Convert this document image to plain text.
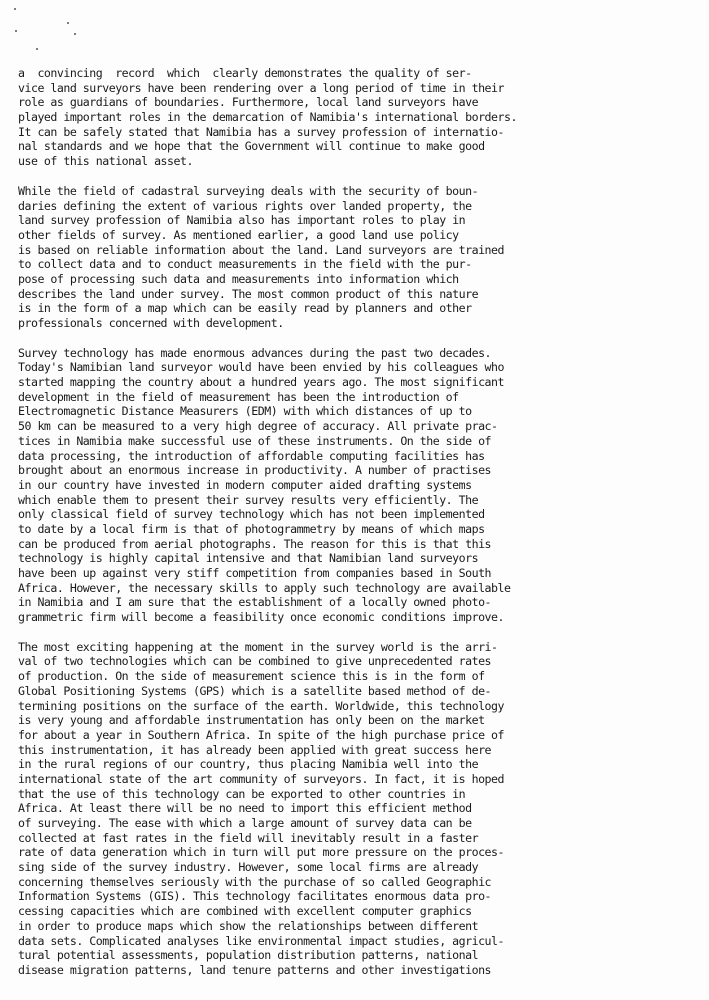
a  convincing  record  which  clearly demonstrates the quality of ser-
vice land surveyors have been rendering over a long period of time in their
role as guardians of boundaries. Furthermore, local land surveyors have
played important roles in the demarcation of Namibia's international borders.
It can be safely stated that Namibia has a survey profession of internatio-
nal standards and we hope that the Government will continue to make good
use of this national asset.
While the field of cadastral surveying deals with the security of boun-
daries defining the extent of various rights over landed property, the
land survey profession of Namibia also has important roles to play in
other fields of survey. As mentioned earlier, a good land use policy
is based on reliable information about the land. Land surveyors are trained
to collect data and to conduct measurements in the field with the pur-
pose of processing such data and measurements into information which
describes the land under survey. The most common product of this nature
is in the form of a map which can be easily read by planners and other
professionals concerned with development.
Survey technology has made enormous advances during the past two decades.
Today's Namibian land surveyor would have been envied by his colleagues who
started mapping the country about a hundred years ago. The most significant
development in the field of measurement has been the introduction of
Electromagnetic Distance Measurers (EDM) with which distances of up to
50 km can be measured to a very high degree of accuracy. All private prac-
tices in Namibia make successful use of these instruments. On the side of
data processing, the introduction of affordable computing facilities has
brought about an enormous increase in productivity. A number of practises
in our country have invested in modern computer aided drafting systems
which enable them to present their survey results very efficiently. The
only classical field of survey technology which has not been implemented
to date by a local firm is that of photogrammetry by means of which maps
can be produced from aerial photographs. The reason for this is that this
technology is highly capital intensive and that Namibian land surveyors
have been up against very stiff competition from companies based in South
Africa. However, the necessary skills to apply such technology are available
in Namibia and I am sure that the establishment of a locally owned photo-
grammetric firm will become a feasibility once economic conditions improve.
The most exciting happening at the moment in the survey world is the arri-
val of two technologies which can be combined to give unprecedented rates
of production. On the side of measurement science this is in the form of
Global Positioning Systems (GPS) which is a satellite based method of de-
termining positions on the surface of the earth. Worldwide, this technology
is very young and affordable instrumentation has only been on the market
for about a year in Southern Africa. In spite of the high purchase price of
this instrumentation, it has already been applied with great success here
in the rural regions of our country, thus placing Namibia well into the
international state of the art community of surveyors. In fact, it is hoped
that the use of this technology can be exported to other countries in
Africa. At least there will be no need to import this efficient method
of surveying. The ease with which a large amount of survey data can be
collected at fast rates in the field will inevitably result in a faster
rate of data generation which in turn will put more pressure on the proces-
sing side of the survey industry. However, some local firms are already
concerning themselves seriously with the purchase of so called Geographic
Information Systems (GIS). This technology facilitates enormous data pro-
cessing capacities which are combined with excellent computer graphics
in order to produce maps which show the relationships between different
data sets. Complicated analyses like environmental impact studies, agricul-
tural potential assessments, population distribution patterns, national
disease migration patterns, land tenure patterns and other investigations
